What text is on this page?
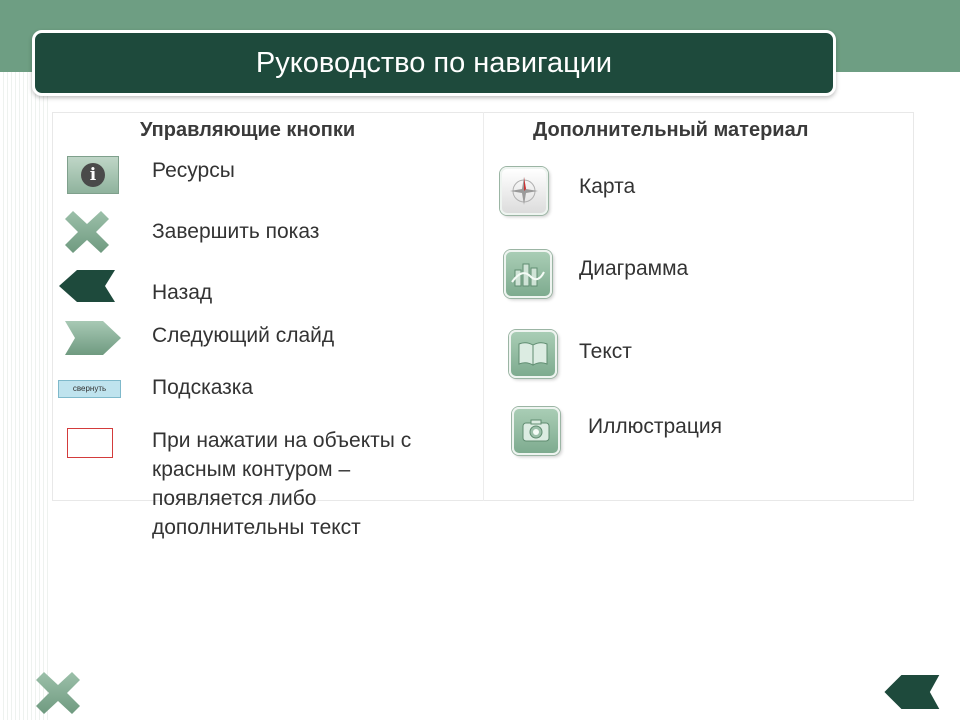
Руководство по навигации
Управляющие кнопки
i	Ресурсы
Завершить показ
Назад
Следующий слайд
свернуть	Подсказка
При нажатии на объекты с красным контуром – появляется либо дополнительны текст
Дополнительный материал
Карта
Диаграмма
Текст
Иллюстрация
